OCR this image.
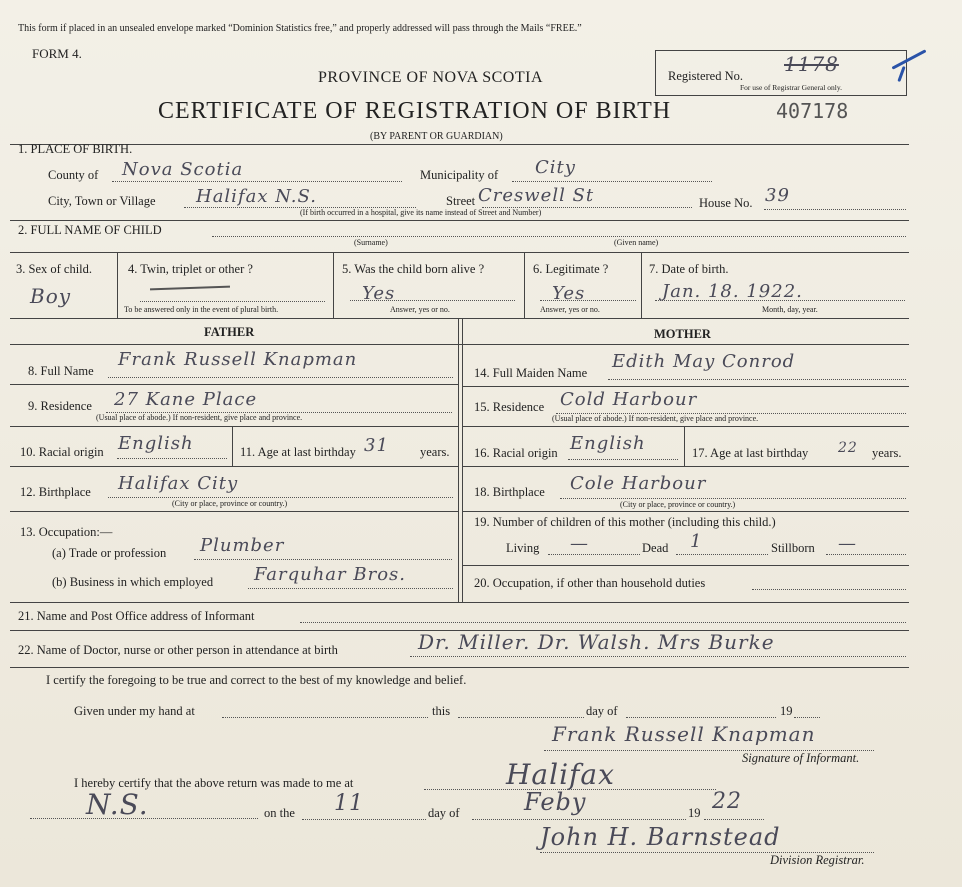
This form if placed in an unsealed envelope marked “Dominion Statistics free,” and properly addressed will pass through the Mails “FREE.”
FORM 4.
PROVINCE OF NOVA SCOTIA
CERTIFICATE OF REGISTRATION OF BIRTH	407178
(BY PARENT OR GUARDIAN)
Registered No. 1178
For use of Registrar General only.
1. PLACE OF BIRTH.
County of Nova Scotia	Municipality of City
City, Town or Village Halifax N.S.	Street Creswell St
(If birth occurred in a hospital, give its name instead of Street and Number)
House No. 39
2. FULL NAME OF CHILD
(Surname)	(Given name)
3. Sex of child.
Boy
4. Twin, triplet or other ?
To be answered only in the event of plural birth.
5. Was the child born alive ?
Yes
Answer, yes or no.
6. Legitimate ?
Yes
Answer, yes or no.
7. Date of birth.
Jan. 18. 1922.
Month, day, year.
FATHER	MOTHER
8. Full Name
Frank Russell Knapman
9. Residence 27 Kane Place
(Usual place of abode.) If non-resident, give place and province.
10. Racial origin English	11. Age at last birthday 31 years.
12. Birthplace Halifax City
(City or place, province or country.)
13. Occupation:—
(a) Trade or profession Plumber
(b) Business in which employed Farquhar Bros.
14. Full Maiden Name
Edith May Conrod
15. Residence Cold Harbour
(Usual place of abode.) If non-resident, give place and province.
16. Racial origin English	17. Age at last birthday 22 years.
18. Birthplace Cole Harbour
(City or place, province or country.)
19. Number of children of this mother (including this child.)
Living —	Dead 1	Stillborn —
20. Occupation, if other than household duties
21. Name and Post Office address of Informant
22. Name of Doctor, nurse or other person in attendance at birth	Dr. Miller. Dr. Walsh. Mrs Burke
I certify the foregoing to be true and correct to the best of my knowledge and belief.
Given under my hand at	this	day of	19
Frank Russell Knapman
Signature of Informant.
I hereby certify that the above return was made to me at	Halifax
N.S.	on the 11	day of	Feby	19 22
John H. Barnstead
Division Registrar.
